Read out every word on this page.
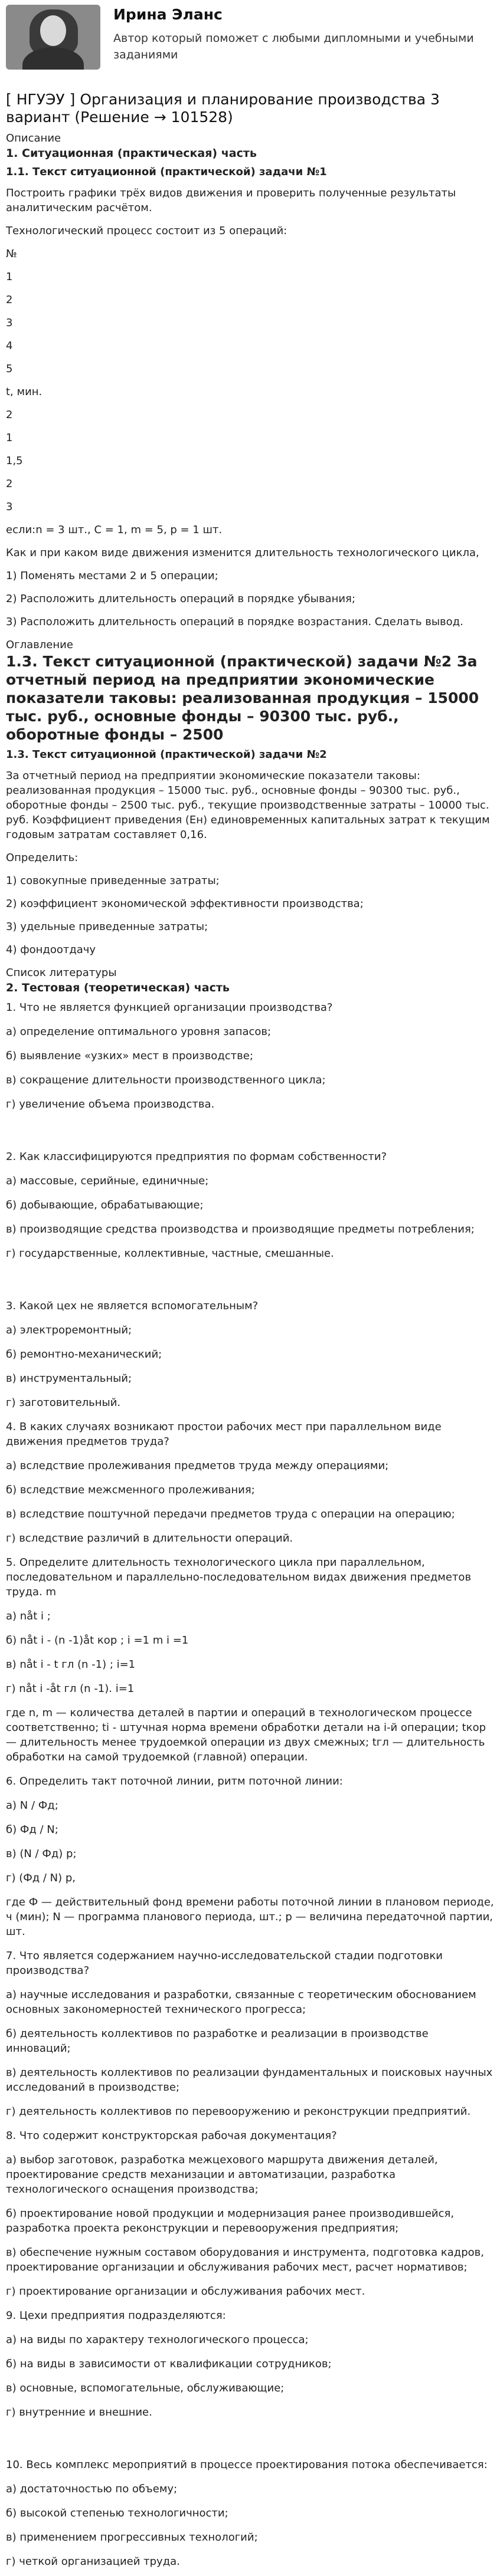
Ирина Эланс
Автор который поможет с любыми дипломными и учебными заданиями
[ НГУЭУ ] Организация и планирование производства 3 вариант (Решение → 101528)
Описание
1. Ситуационная (практическая) часть
1.1. Текст ситуационной (практической) задачи №1

Построить графики трёх видов движения и проверить полученные результаты аналитическим расчётом.

Технологический процесс состоит из 5 операций:

№

1

2

3

4

5

t, мин.

2

1

1,5

2

3

если:n = 3 шт., С = 1, m = 5, p = 1 шт.

Как и при каком виде движения изменится длительность технологического цикла,

1) Поменять местами 2 и 5 операции;

2) Расположить длительность операций в порядке убывания;

3) Расположить длительность операций в порядке возрастания. Сделать вывод.

Оглавление
1.3. Текст ситуационной (практической) задачи №2 За отчетный период на предприятии экономические показатели таковы: реализованная продукция – 15000 тыс. руб., основные фонды – 90300 тыс. руб., оборотные фонды – 2500
1.3. Текст ситуационной (практической) задачи №2

За отчетный период на предприятии экономические показатели таковы: реализованная продукция – 15000 тыс. руб., основные фонды – 90300 тыс. руб., оборотные фонды – 2500 тыс. руб., текущие производственные затраты – 10000 тыс. руб. Коэффициент приведения (Ен) единовременных капитальных затрат к текущим годовым затратам составляет 0,16.

Определить:

1) совокупные приведенные затраты;

2) коэффициент экономической эффективности производства;

3) удельные приведенные затраты;

4) фондоотдачу

Список литературы
2. Тестовая (теоретическая) часть

1. Что не является функцией организации производства?

а) определение оптимального уровня запасов;

б) выявление «узких» мест в производстве;

в) сокращение длительности производственного цикла;

г) увеличение объема производства.

2. Как классифицируются предприятия по формам собственности?

а) массовые, серийные, единичные;

б) добывающие, обрабатывающие;

в) производящие средства производства и производящие предметы потребления;

г) государственные, коллективные, частные, смешанные.

3. Какой цех не является вспомогательным?

а) электроремонтный;

б) ремонтно-механический;

в) инструментальный;

г) заготовительный.

4. В каких случаях возникают простои рабочих мест при параллельном виде движения предметов труда?

а) вследствие пролеживания предметов труда между операциями;

б) вследствие межсменного пролеживания;

в) вследствие поштучной передачи предметов труда с операции на операцию;

г) вследствие различий в длительности операций.

5. Определите длительность технологического цикла при параллельном, последовательном и параллельно-последовательном видах движения предметов труда. m

а) nåt i ;

б) nåt i - (n -1)åt кор ; i =1 m i =1

в) nåt i - t гл (n -1) ; i=1

г) nåt i -åt гл (n -1). i=1

где n, m — количества деталей в партии и операций в технологическом процессе соответственно; ti - штучная норма времени обработки детали на i-й операции; tкор — длительность менее трудоемкой операции из двух смежных; tгл — длительность обработки на самой трудоемкой (главной) операции.

6. Определить такт поточной линии, ритм поточной линии:

а) N / Фд;

б) Фд / N;

в) (N / Фд) р;

г) (Фд / N) р,

где Ф — действительный фонд времени работы поточной линии в плановом периоде, ч (мин); N — программа планового периода, шт.; р — величина передаточной партии, шт.

7. Что является содержанием научно-исследовательской стадии подготовки производства?

а) научные исследования и разработки, связанные с теоретическим обоснованием основных закономерностей технического прогресса;

б) деятельность коллективов по разработке и реализации в производстве инноваций;

в) деятельность коллективов по реализации фундаментальных и поисковых научных исследований в производстве;

г) деятельность коллективов по перевооружению и реконструкции предприятий.

8. Что содержит конструкторская рабочая документация?

а) выбор заготовок, разработка межцехового маршрута движения деталей, проектирование средств механизации и автоматизации, разработка технологического оснащения производства;

б) проектирование новой продукции и модернизация ранее производившейся, разработка проекта реконструкции и перевооружения предприятия;

в) обеспечение нужным составом оборудования и инструмента, подготовка кадров, проектирование организации и обслуживания рабочих мест, расчет нормативов;

г) проектирование организации и обслуживания рабочих мест.

9. Цехи предприятия подразделяются:

а) на виды по характеру технологического процесса;

б) на виды в зависимости от квалификации сотрудников;

в) основные, вспомогательные, обслуживающие;

г) внутренние и внешние.

10. Весь комплекс мероприятий в процессе проектирования потока обеспечивается:

а) достаточностью по объему;

б) высокой степенью технологичности;

в) применением прогрессивных технологий;

г) четкой организацией труда.
